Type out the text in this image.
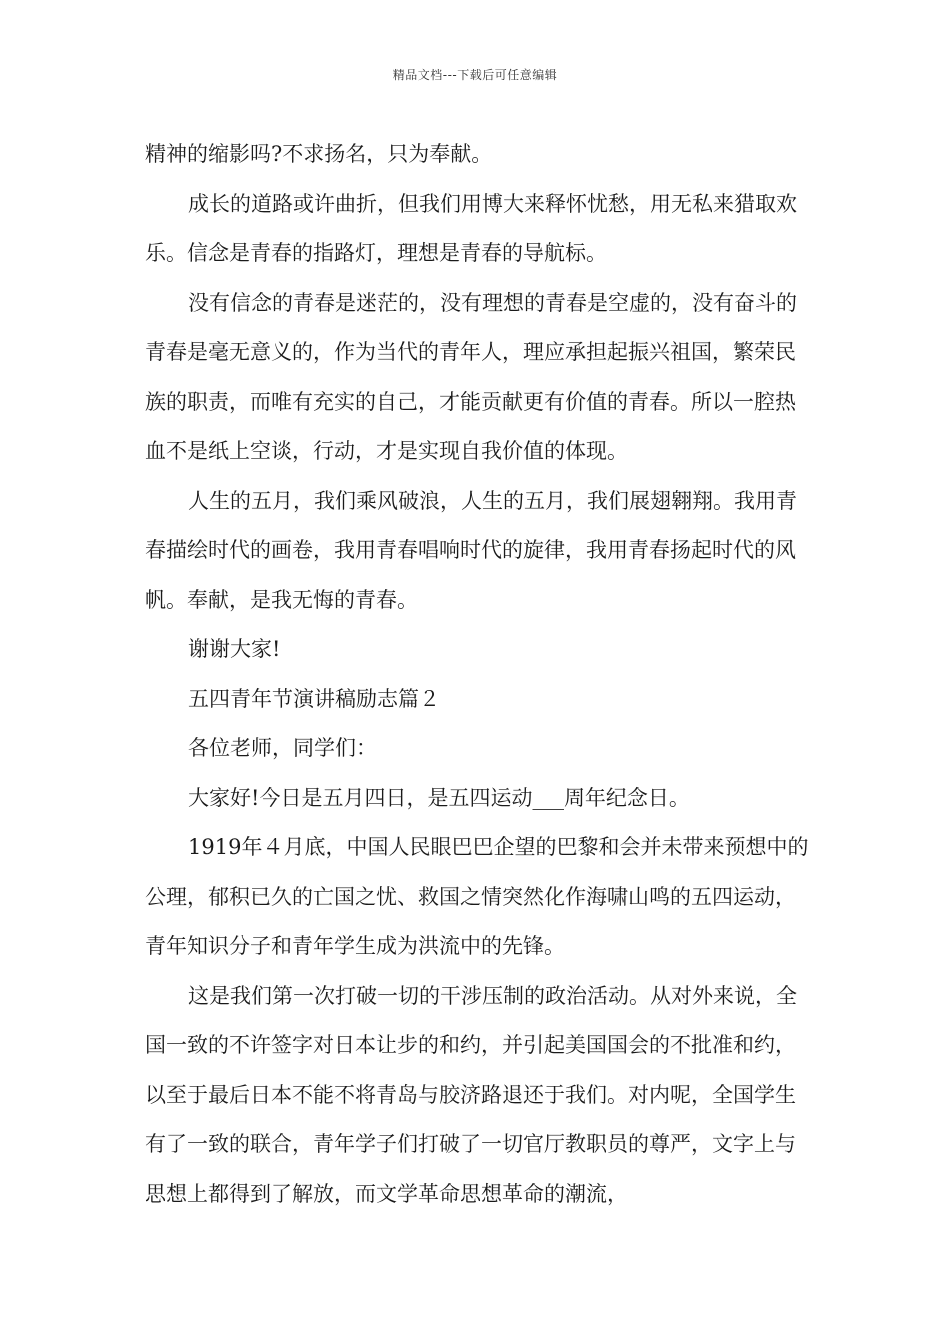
精品文档---下载后可任意编辑

精神的缩影吗?不求扬名，只为奉献。

成长的道路或许曲折，但我们用博大来释怀忧愁，用无私来猎取欢乐。信念是青春的指路灯，理想是青春的导航标。

没有信念的青春是迷茫的，没有理想的青春是空虚的，没有奋斗的青春是毫无意义的，作为当代的青年人，理应承担起振兴祖国，繁荣民族的职责，而唯有充实的自己，才能贡献更有价值的青春。所以一腔热血不是纸上空谈，行动，才是实现自我价值的体现。

人生的五月，我们乘风破浪，人生的五月，我们展翅翱翔。我用青春描绘时代的画卷，我用青春唱响时代的旋律，我用青春扬起时代的风帆。奉献，是我无悔的青春。

谢谢大家!

五四青年节演讲稿励志篇２

各位老师，同学们：

大家好!今日是五月四日，是五四运动___周年纪念日。

1919年４月底，中国人民眼巴巴企望的巴黎和会并未带来预想中的公理，郁积已久的亡国之忧、救国之情突然化作海啸山鸣的五四运动，青年知识分子和青年学生成为洪流中的先锋。

这是我们第一次打破一切的干涉压制的政治活动。从对外来说，全国一致的不许签字对日本让步的和约，并引起美国国会的不批准和约，以至于最后日本不能不将青岛与胶济路退还于我们。对内呢，全国学生有了一致的联合，青年学子们打破了一切官厅教职员的尊严，文字上与思想上都得到了解放，而文学革命思想革命的潮流，
